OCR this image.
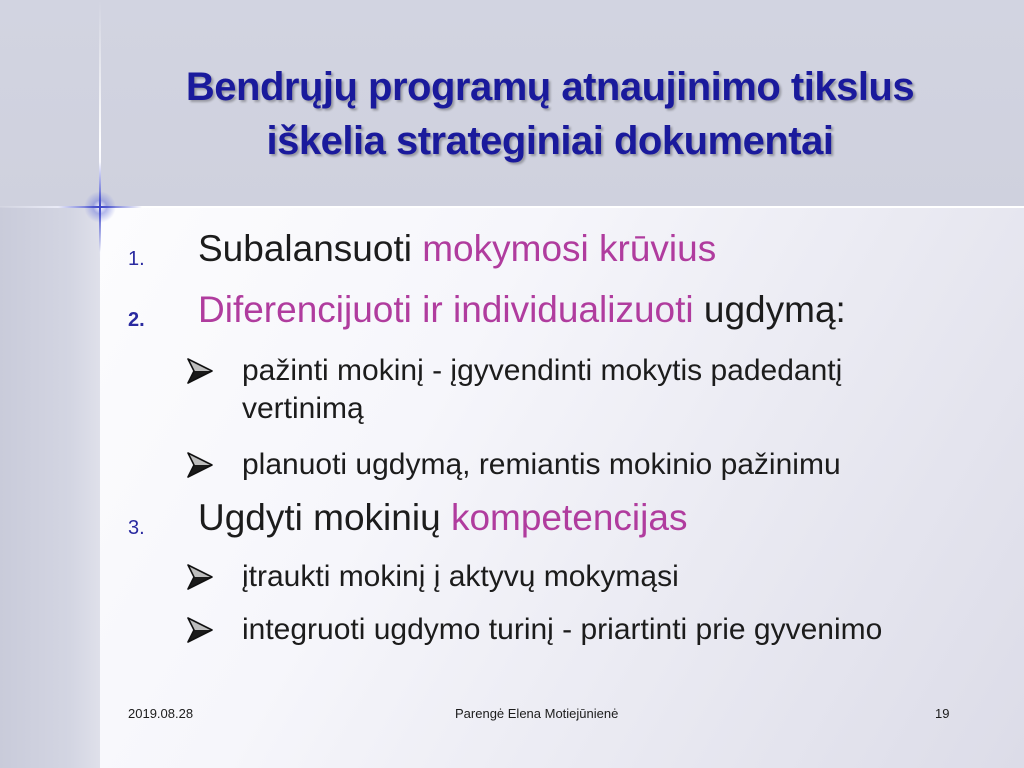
Bendrųjų programų atnaujinimo tikslus
iškelia strateginiai dokumentai
1. Subalansuoti mokymosi krūvius
2. Diferencijuoti ir individualizuoti ugdymą:
pažinti mokinį - įgyvendinti mokytis padedantį
vertinimą
planuoti ugdymą, remiantis mokinio pažinimu
3. Ugdyti mokinių kompetencijas
įtraukti mokinį į aktyvų mokymąsi
integruoti ugdymo turinį - priartinti prie gyvenimo
2019.08.28	Parengė Elena Motiejūnienė	19
